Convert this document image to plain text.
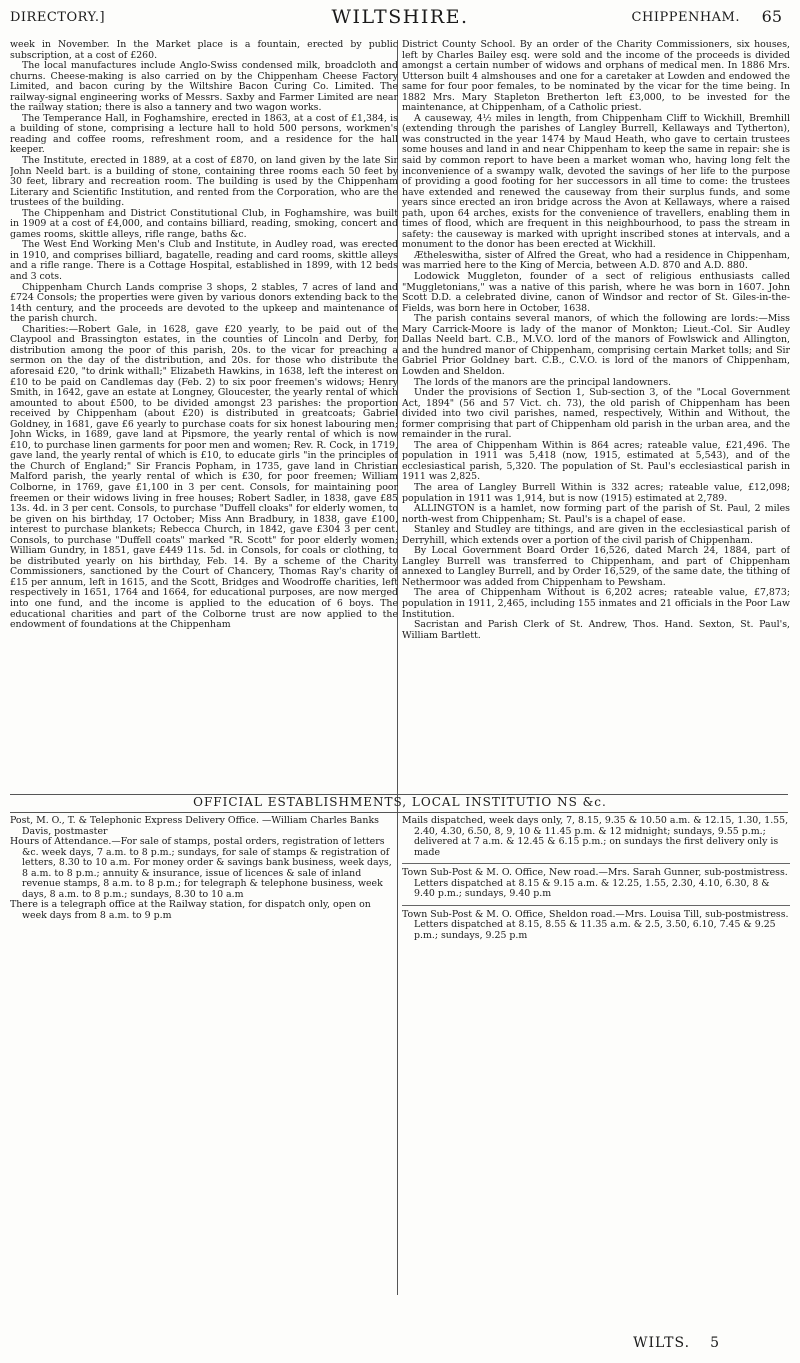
DIRECTORY.]	WILTSHIRE.	CHIPPENHAM. 65

week in November. In the Market place is a fountain, erected by public subscription, at a cost of £260.

The local manufactures include Anglo-Swiss condensed milk, broadcloth and churns. Cheese-making is also carried on by the Chippenham Cheese Factory Limited, and bacon curing by the Wiltshire Bacon Curing Co. Limited. The railway-signal engineering works of Messrs. Saxby and Farmer Limited are near the railway station; there is also a tannery and two wagon works.

The Temperance Hall, in Foghamshire, erected in 1863, at a cost of £1,384, is a building of stone, comprising a lecture hall to hold 500 persons, workmen's reading and coffee rooms, refreshment room, and a residence for the hall keeper.

The Institute, erected in 1889, at a cost of £870, on land given by the late Sir John Neeld bart. is a building of stone, containing three rooms each 50 feet by 30 feet, library and recreation room. The building is used by the Chippenham Literary and Scientific Institution, and rented from the Corporation, who are the trustees of the building.

The Chippenham and District Constitutional Club, in Foghamshire, was built in 1909 at a cost of £4,000, and contains billiard, reading, smoking, concert and games rooms, skittle alleys, rifle range, baths &c.

The West End Working Men's Club and Institute, in Audley road, was erected in 1910, and comprises billiard, bagatelle, reading and card rooms, skittle alleys and a rifle range. There is a Cottage Hospital, established in 1899, with 12 beds and 3 cots.

Chippenham Church Lands comprise 3 shops, 2 stables, 7 acres of land and £724 Consols; the properties were given by various donors extending back to the 14th century, and the proceeds are devoted to the upkeep and maintenance of the parish church.

Charities:—Robert Gale, in 1628, gave £20 yearly, to be paid out of the Claypool and Brassington estates, in the counties of Lincoln and Derby, for distribution among the poor of this parish, 20s. to the vicar for preaching a sermon on the day of the distribution, and 20s. for those who distribute the aforesaid £20, "to drink withall;" Elizabeth Hawkins, in 1638, left the interest on £10 to be paid on Candlemas day (Feb. 2) to six poor freemen's widows; Henry Smith, in 1642, gave an estate at Longney, Gloucester, the yearly rental of which amounted to about £500, to be divided amongst 23 parishes: the proportion received by Chippenham (about £20) is distributed in greatcoats; Gabriel Goldney, in 1681, gave £6 yearly to purchase coats for six honest labouring men; John Wicks, in 1689, gave land at Pipsmore, the yearly rental of which is now £10, to purchase linen garments for poor men and women; Rev. R. Cock, in 1719, gave land, the yearly rental of which is £10, to educate girls "in the principles of the Church of England;" Sir Francis Popham, in 1735, gave land in Christian Malford parish, the yearly rental of which is £30, for poor freemen; William Colborne, in 1769, gave £1,100 in 3 per cent. Consols, for maintaining poor freemen or their widows living in free houses; Robert Sadler, in 1838, gave £85 13s. 4d. in 3 per cent. Consols, to purchase "Duffell cloaks" for elderly women, to be given on his birthday, 17 October; Miss Ann Bradbury, in 1838, gave £100, interest to purchase blankets; Rebecca Church, in 1842, gave £304 3 per cent. Consols, to purchase "Duffell coats" marked "R. Scott" for poor elderly women; William Gundry, in 1851, gave £449 11s. 5d. in Consols, for coals or clothing, to be distributed yearly on his birthday, Feb. 14. By a scheme of the Charity Commissioners, sanctioned by the Court of Chancery, Thomas Ray's charity of £15 per annum, left in 1615, and the Scott, Bridges and Woodroffe charities, left respectively in 1651, 1764 and 1664, for educational purposes, are now merged into one fund, and the income is applied to the education of 6 boys. The educational charities and part of the Colborne trust are now applied to the endowment of foundations at the Chippenham

District County School. By an order of the Charity Commissioners, six houses, left by Charles Bailey esq. were sold and the income of the proceeds is divided amongst a certain number of widows and orphans of medical men. In 1886 Mrs. Utterson built 4 almshouses and one for a caretaker at Lowden and endowed the same for four poor females, to be nominated by the vicar for the time being. In 1882 Mrs. Mary Stapleton Bretherton left £3,000, to be invested for the maintenance, at Chippenham, of a Catholic priest.

A causeway, 4½ miles in length, from Chippenham Cliff to Wickhill, Bremhill (extending through the parishes of Langley Burrell, Kellaways and Tytherton), was constructed in the year 1474 by Maud Heath, who gave to certain trustees some houses and land in and near Chippenham to keep the same in repair: she is said by common report to have been a market woman who, having long felt the inconvenience of a swampy walk, devoted the savings of her life to the purpose of providing a good footing for her successors in all time to come: the trustees have extended and renewed the causeway from their surplus funds, and some years since erected an iron bridge across the Avon at Kellaways, where a raised path, upon 64 arches, exists for the convenience of travellers, enabling them in times of flood, which are frequent in this neighbourhood, to pass the stream in safety: the causeway is marked with upright inscribed stones at intervals, and a monument to the donor has been erected at Wickhill.

Ætheleswitha, sister of Alfred the Great, who had a residence in Chippenham, was married here to the King of Mercia, between A.D. 870 and A.D. 880.

Lodowick Muggleton, founder of a sect of religious enthusiasts called "Muggletonians," was a native of this parish, where he was born in 1607. John Scott D.D. a celebrated divine, canon of Windsor and rector of St. Giles-in-the-Fields, was born here in October, 1638.

The parish contains several manors, of which the following are lords:—Miss Mary Carrick-Moore is lady of the manor of Monkton; Lieut.-Col. Sir Audley Dallas Neeld bart. C.B., M.V.O. lord of the manors of Fowlswick and Allington, and the hundred manor of Chippenham, comprising certain Market tolls; and Sir Gabriel Prior Goldney bart. C.B., C.V.O. is lord of the manors of Chippenham, Lowden and Sheldon.

The lords of the manors are the principal landowners.

Under the provisions of Section 1, Sub-section 3, of the "Local Government Act, 1894" (56 and 57 Vict. ch. 73), the old parish of Chippenham has been divided into two civil parishes, named, respectively, Within and Without, the former comprising that part of Chippenham old parish in the urban area, and the remainder in the rural.

The area of Chippenham Within is 864 acres; rateable value, £21,496. The population in 1911 was 5,418 (now, 1915, estimated at 5,543), and of the ecclesiastical parish, 5,320. The population of St. Paul's ecclesiastical parish in 1911 was 2,825.

The area of Langley Burrell Within is 332 acres; rateable value, £12,098; population in 1911 was 1,914, but is now (1915) estimated at 2,789.

ALLINGTON is a hamlet, now forming part of the parish of St. Paul, 2 miles north-west from Chippenham; St. Paul's is a chapel of ease.

Stanley and Studley are tithings, and are given in the ecclesiastical parish of Derryhill, which extends over a portion of the civil parish of Chippenham.

By Local Government Board Order 16,526, dated March 24, 1884, part of Langley Burrell was transferred to Chippenham, and part of Chippenham annexed to Langley Burrell, and by Order 16,529, of the same date, the tithing of Nethermoor was added from Chippenham to Pewsham.

The area of Chippenham Without is 6,202 acres; rateable value, £7,873; population in 1911, 2,465, including 155 inmates and 21 officials in the Poor Law Institution.

Sacristan and Parish Clerk of St. Andrew, Thos. Hand. Sexton, St. Paul's, William Bartlett.

OFFICIAL ESTABLISHMENTS, LOCAL INSTITUTIO NS &c.

Post, M. O., T. & Telephonic Express Delivery Office. —William Charles Banks Davis, postmaster

Hours of Attendance.—For sale of stamps, postal orders, registration of letters &c. week days, 7 a.m. to 8 p.m.; sundays, for sale of stamps & registration of letters, 8.30 to 10 a.m. For money order & savings bank business, week days, 8 a.m. to 8 p.m.; annuity & insurance, issue of licences & sale of inland revenue stamps, 8 a.m. to 8 p.m.; for telegraph & telephone business, week days, 8 a.m. to 8 p.m.; sundays, 8.30 to 10 a.m

There is a telegraph office at the Railway station, for dispatch only, open on week days from 8 a.m. to 9 p.m

Mails dispatched, week days only, 7, 8.15, 9.35 & 10.50 a.m. & 12.15, 1.30, 1.55, 2.40, 4.30, 6.50, 8, 9, 10 & 11.45 p.m. & 12 midnight; sundays, 9.55 p.m.; delivered at 7 a.m. & 12.45 & 6.15 p.m.; on sundays the first delivery only is made

Town Sub-Post & M. O. Office, New road.—Mrs. Sarah Gunner, sub-postmistress. Letters dispatched at 8.15 & 9.15 a.m. & 12.25, 1.55, 2.30, 4.10, 6.30, 8 & 9.40 p.m.; sundays, 9.40 p.m

Town Sub-Post & M. O. Office, Sheldon road.—Mrs. Louisa Till, sub-postmistress. Letters dispatched at 8.15, 8.55 & 11.35 a.m. & 2.5, 3.50, 6.10, 7.45 & 9.25 p.m.; sundays, 9.25 p.m

WILTS. 5
